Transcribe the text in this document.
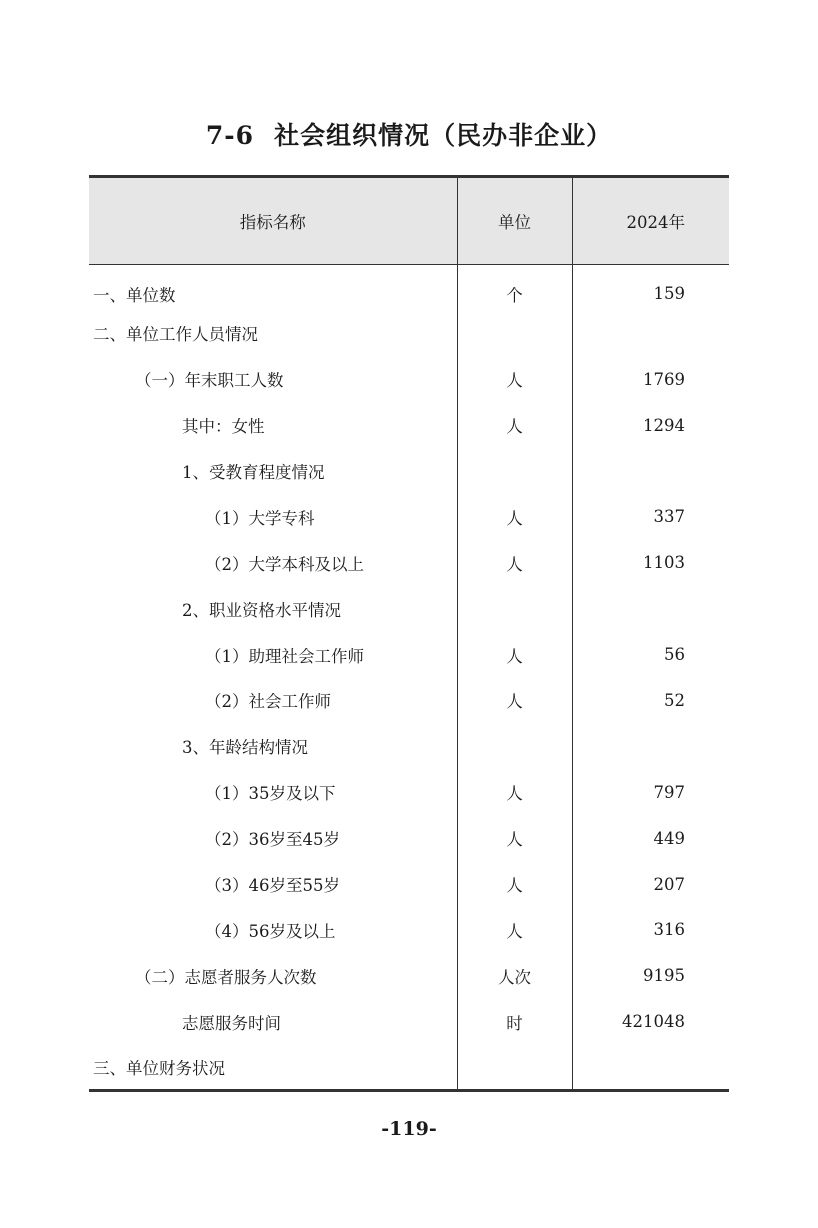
7-6 社会组织情况（民办非企业）
指标名称	单位	2024年
一、单位数	个	159
二、单位工作人员情况		
（一）年末职工人数	人	1769
其中：女性	人	1294
1、受教育程度情况		
（1）大学专科	人	337
（2）大学本科及以上	人	1103
2、职业资格水平情况		
（1）助理社会工作师	人	56
（2）社会工作师	人	52
3、年龄结构情况		
（1）35岁及以下	人	797
（2）36岁至45岁	人	449
（3）46岁至55岁	人	207
（4）56岁及以上	人	316
（二）志愿者服务人次数	人次	9195
志愿服务时间	时	421048
三、单位财务状况		
-119-
